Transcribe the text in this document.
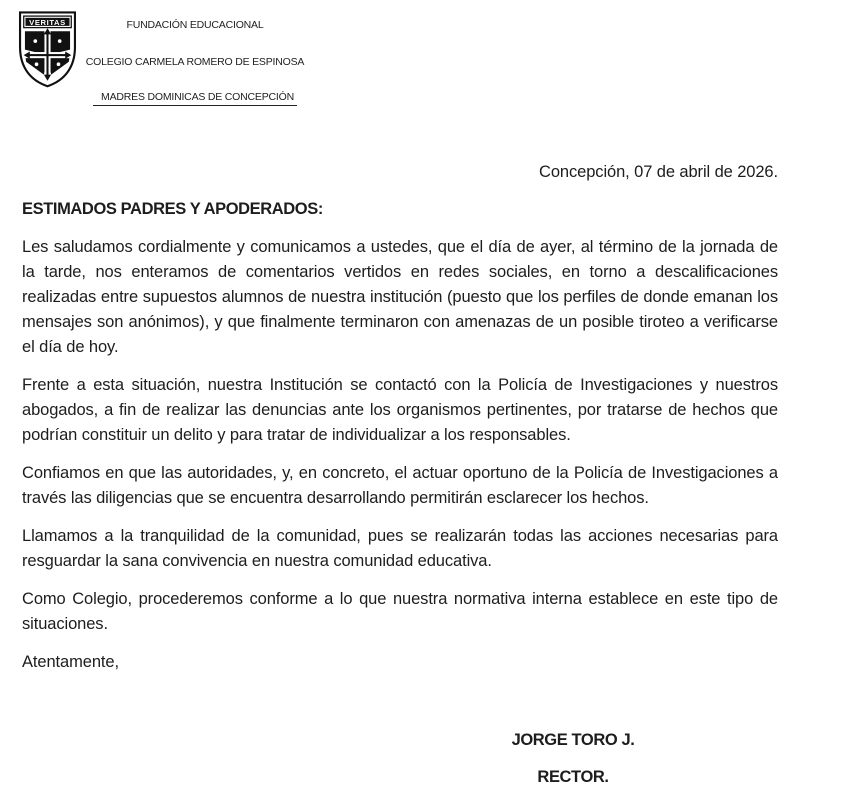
VERITAS	FUNDACIÓN EDUCACIONAL
COLEGIO CARMELA ROMERO DE ESPINOSA
MADRES DOMINICAS DE CONCEPCIÓN
Concepción, 07 de abril de 2026.
ESTIMADOS PADRES Y APODERADOS:

Les saludamos cordialmente y comunicamos a ustedes, que el día de ayer, al término de la jornada de la tarde, nos enteramos de comentarios vertidos en redes sociales, en torno a descalificaciones realizadas entre supuestos alumnos de nuestra institución (puesto que los perfiles de donde emanan los mensajes son anónimos), y que finalmente terminaron con amenazas de un posible tiroteo a verificarse el día de hoy.

Frente a esta situación, nuestra Institución se contactó con la Policía de Investigaciones y nuestros abogados, a fin de realizar las denuncias ante los organismos pertinentes, por tratarse de hechos que podrían constituir un delito y para tratar de individualizar a los responsables.

Confiamos en que las autoridades, y, en concreto, el actuar oportuno de la Policía de Investigaciones a través las diligencias que se encuentra desarrollando permitirán esclarecer los hechos.

Llamamos a la tranquilidad de la comunidad, pues se realizarán todas las acciones necesarias para resguardar la sana convivencia en nuestra comunidad educativa.

Como Colegio, procederemos conforme a lo que nuestra normativa interna establece en este tipo de situaciones.

Atentamente,
JORGE TORO J.
RECTOR.
